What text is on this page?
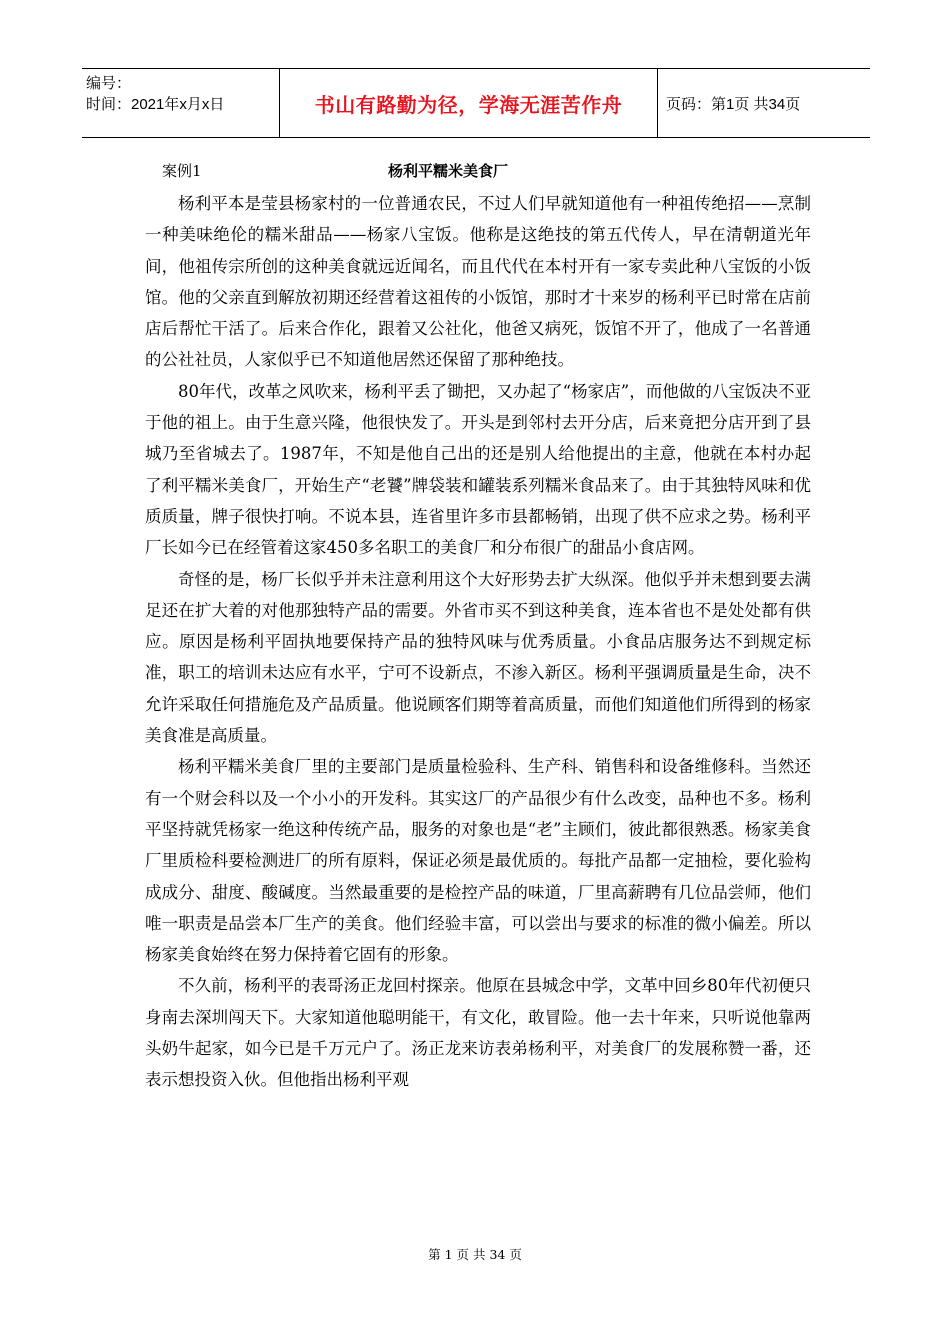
编号：
时间：2021年x月x日	书山有路勤为径，学海无涯苦作舟	页码：第1页 共34页
案例1	杨利平糯米美食厂

杨利平本是莹县杨家村的一位普通农民，不过人们早就知道他有一种祖传绝招——烹制一种美味绝伦的糯米甜品——杨家八宝饭。他称是这绝技的第五代传人，早在清朝道光年间，他祖传宗所创的这种美食就远近闻名，而且代代在本村开有一家专卖此种八宝饭的小饭馆。他的父亲直到解放初期还经营着这祖传的小饭馆，那时才十来岁的杨利平已时常在店前店后帮忙干活了。后来合作化，跟着又公社化，他爸又病死，饭馆不开了，他成了一名普通的公社社员，人家似乎已不知道他居然还保留了那种绝技。

80年代，改革之风吹来，杨利平丢了锄把，又办起了“杨家店”，而他做的八宝饭决不亚于他的祖上。由于生意兴隆，他很快发了。开头是到邻村去开分店，后来竟把分店开到了县城乃至省城去了。1987年，不知是他自己出的还是别人给他提出的主意，他就在本村办起了利平糯米美食厂，开始生产“老饕”牌袋装和罐装系列糯米食品来了。由于其独特风味和优质质量，牌子很快打响。不说本县，连省里许多市县都畅销，出现了供不应求之势。杨利平厂长如今已在经管着这家450多名职工的美食厂和分布很广的甜品小食店网。

奇怪的是，杨厂长似乎并未注意利用这个大好形势去扩大纵深。他似乎并未想到要去满足还在扩大着的对他那独特产品的需要。外省市买不到这种美食，连本省也不是处处都有供应。原因是杨利平固执地要保持产品的独特风味与优秀质量。小食品店服务达不到规定标准，职工的培训未达应有水平，宁可不设新点，不渗入新区。杨利平强调质量是生命，决不允许采取任何措施危及产品质量。他说顾客们期等着高质量，而他们知道他们所得到的杨家美食准是高质量。

杨利平糯米美食厂里的主要部门是质量检验科、生产科、销售科和设备维修科。当然还有一个财会科以及一个小小的开发科。其实这厂的产品很少有什么改变，品种也不多。杨利平坚持就凭杨家一绝这种传统产品，服务的对象也是“老”主顾们，彼此都很熟悉。杨家美食厂里质检科要检测进厂的所有原料，保证必须是最优质的。每批产品都一定抽检，要化验构成成分、甜度、酸碱度。当然最重要的是检控产品的味道，厂里高薪聘有几位品尝师，他们唯一职责是品尝本厂生产的美食。他们经验丰富，可以尝出与要求的标准的微小偏差。所以杨家美食始终在努力保持着它固有的形象。

不久前，杨利平的表哥汤正龙回村探亲。他原在县城念中学，文革中回乡80年代初便只身南去深圳闯天下。大家知道他聪明能干，有文化，敢冒险。他一去十年来，只听说他靠两头奶牛起家，如今已是千万元户了。汤正龙来访表弟杨利平，对美食厂的发展称赞一番，还表示想投资入伙。但他指出杨利平观

第 1 页 共 34 页
